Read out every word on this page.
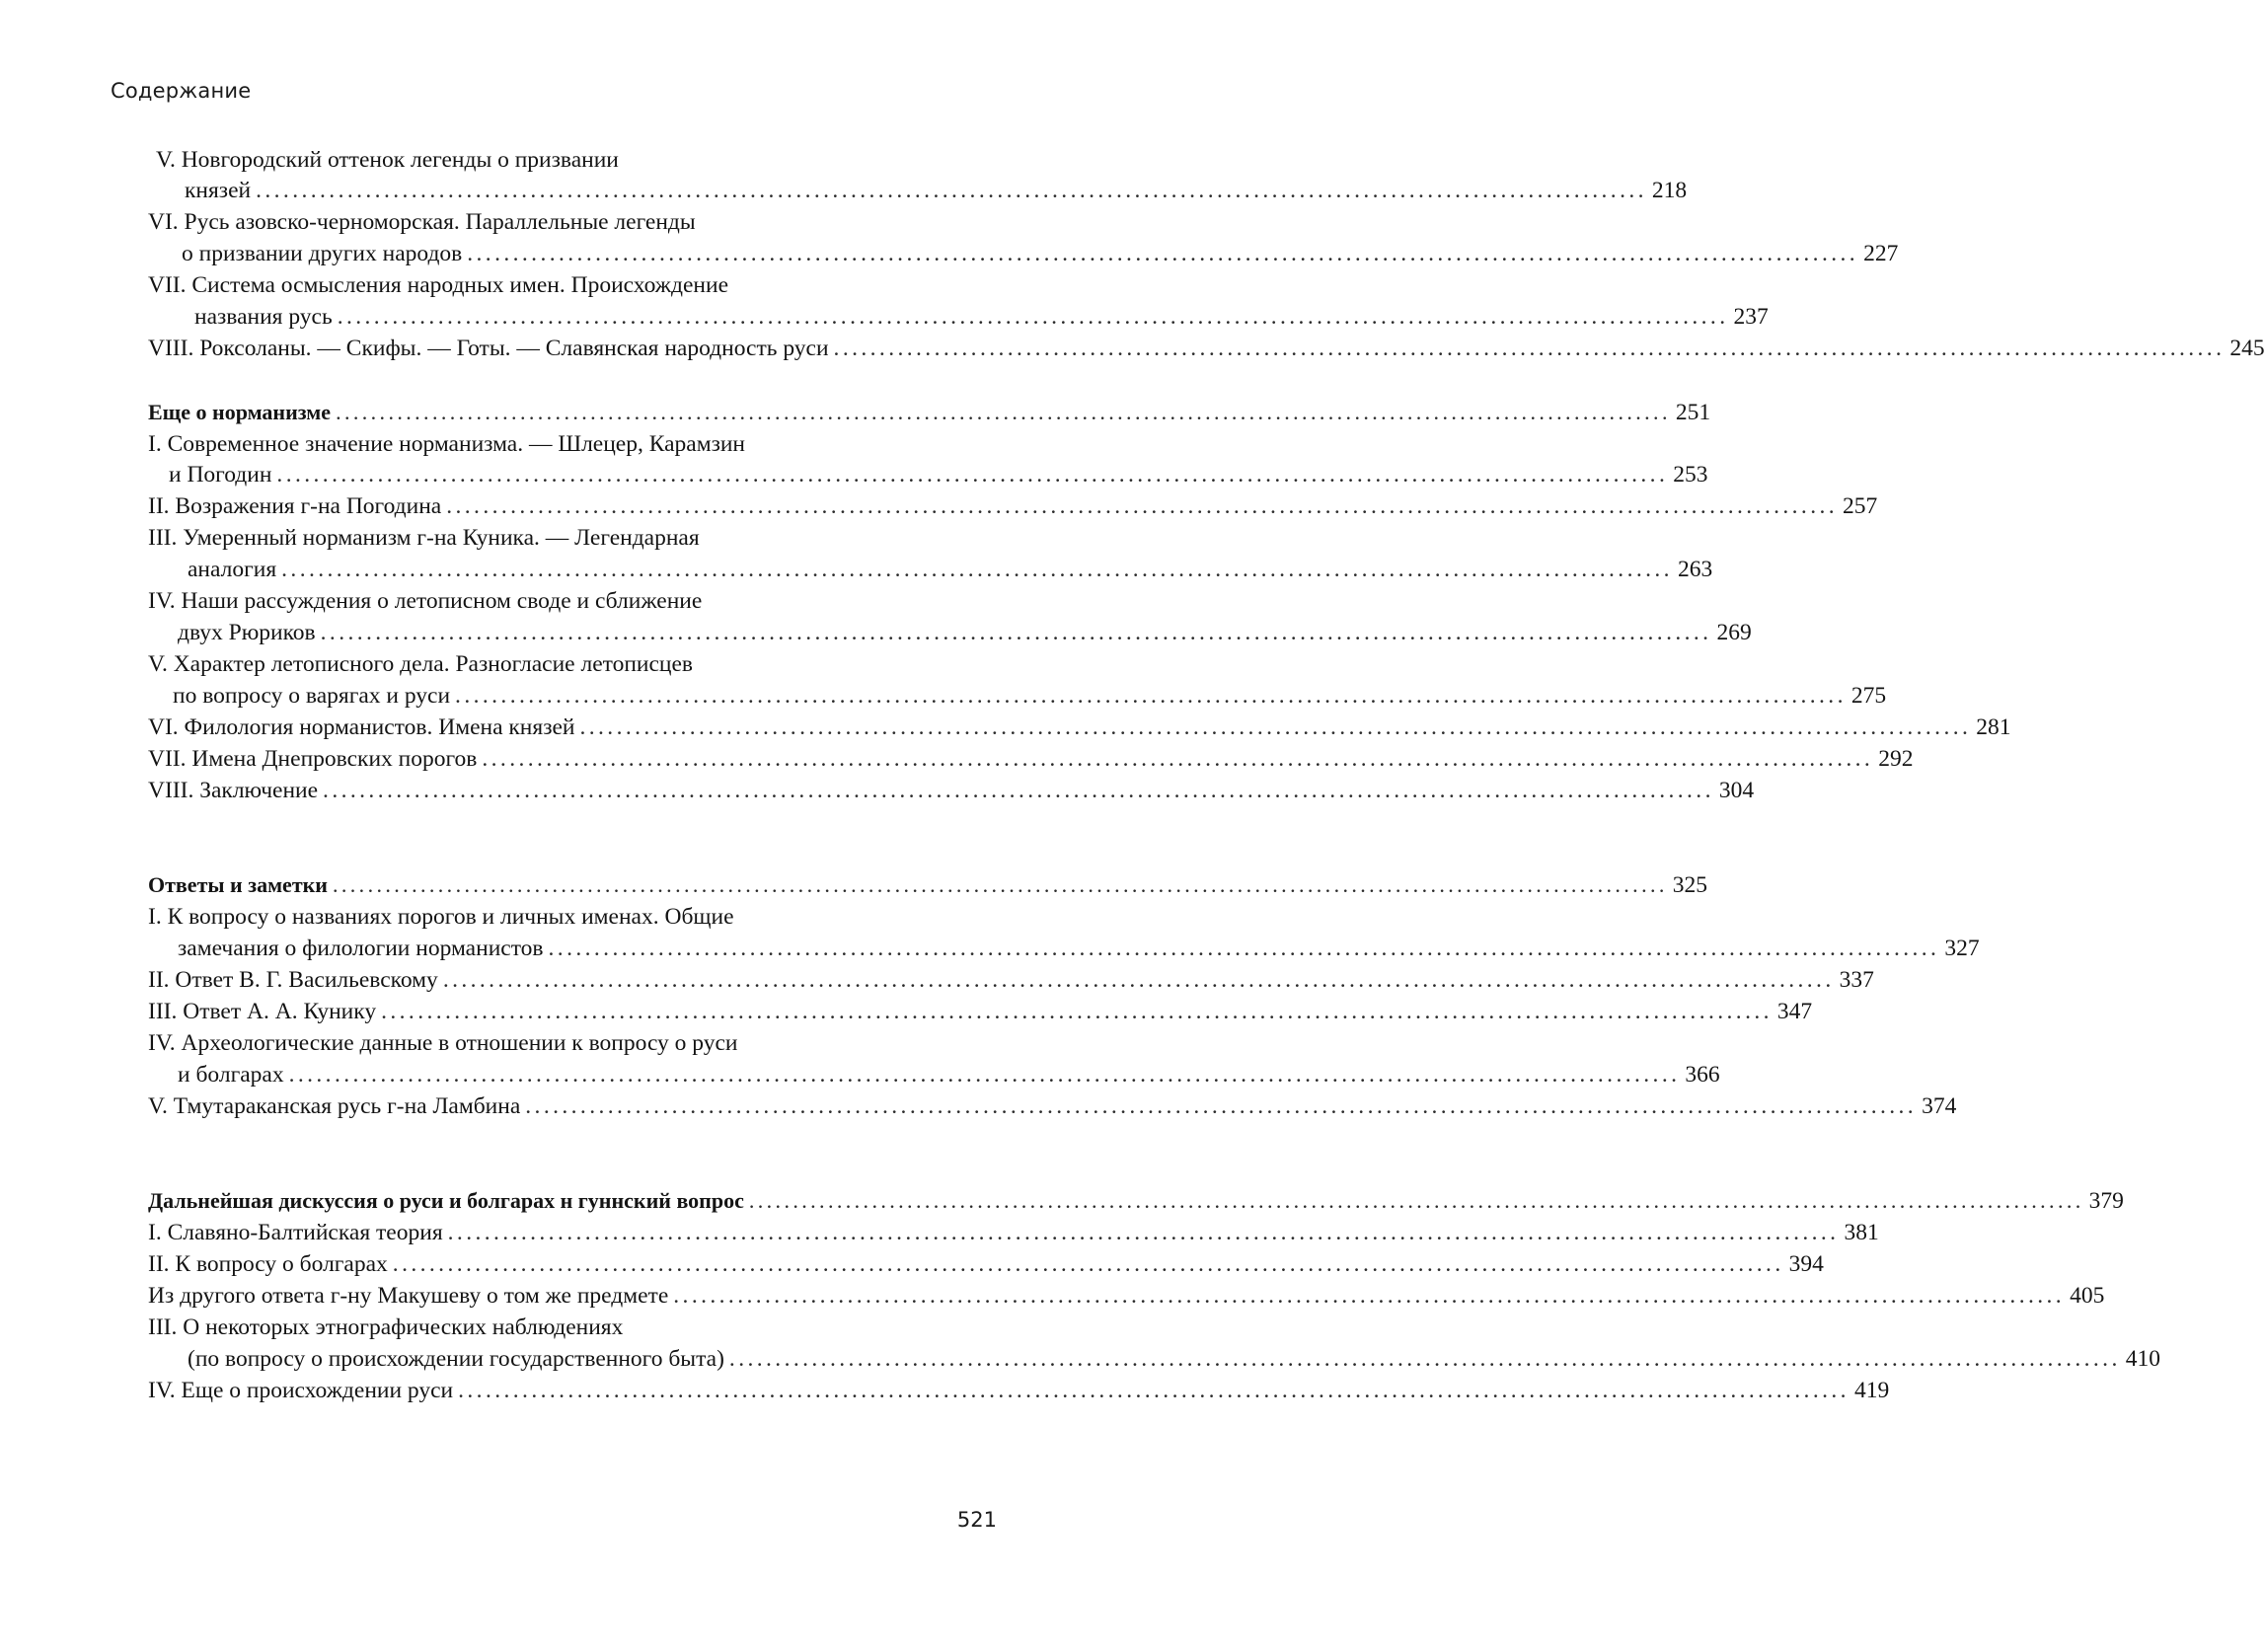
Содержание
V. Новгородский оттенок легенды о призвании
князей ........................................................................................................................................................ 218
VI. Русь азовско-черноморская. Параллельные легенды
о призвании других народов ........................................................................................................................................................ 227
VII. Система осмысления народных имен. Происхождение
названия русь ........................................................................................................................................................ 237
VIII. Роксоланы. — Скифы. — Готы. — Славянская народность руси ........................................................................................................................................................ 245
Еще о норманизме ........................................................................................................................................................ 251
I. Современное значение норманизма. — Шлецер, Карамзин
и Погодин ........................................................................................................................................................ 253
II. Возражения г-на Погодина ........................................................................................................................................................ 257
III. Умеренный норманизм г-на Куника. — Легендарная
аналогия ........................................................................................................................................................ 263
IV. Наши рассуждения о летописном своде и сближение
двух Рюриков ........................................................................................................................................................ 269
V. Характер летописного дела. Разногласие летописцев
по вопросу о варягах и руси ........................................................................................................................................................ 275
VI. Филология норманистов. Имена князей ........................................................................................................................................................ 281
VII. Имена Днепровских порогов ........................................................................................................................................................ 292
VIII. Заключение ........................................................................................................................................................ 304
Ответы и заметки ........................................................................................................................................................ 325
I. К вопросу о названиях порогов и личных именах. Общие
замечания о филологии норманистов ........................................................................................................................................................ 327
II. Ответ В. Г. Васильевскому ........................................................................................................................................................ 337
III. Ответ А. А. Кунику ........................................................................................................................................................ 347
IV. Археологические данные в отношении к вопросу о руси
и болгарах ........................................................................................................................................................ 366
V. Тмутараканская русь г-на Ламбина ........................................................................................................................................................ 374
Дальнейшая дискуссия о руси и болгарах н гуннский вопрос ........................................................................................................................................................ 379
I. Славяно-Балтийская теория ........................................................................................................................................................ 381
II. К вопросу о болгарах ........................................................................................................................................................ 394
Из другого ответа г-ну Макушеву о том же предмете ........................................................................................................................................................ 405
III. О некоторых этнографических наблюдениях
(по вопросу о происхождении государственного быта) ........................................................................................................................................................ 410
IV. Еще о происхождении руси ........................................................................................................................................................ 419
521
